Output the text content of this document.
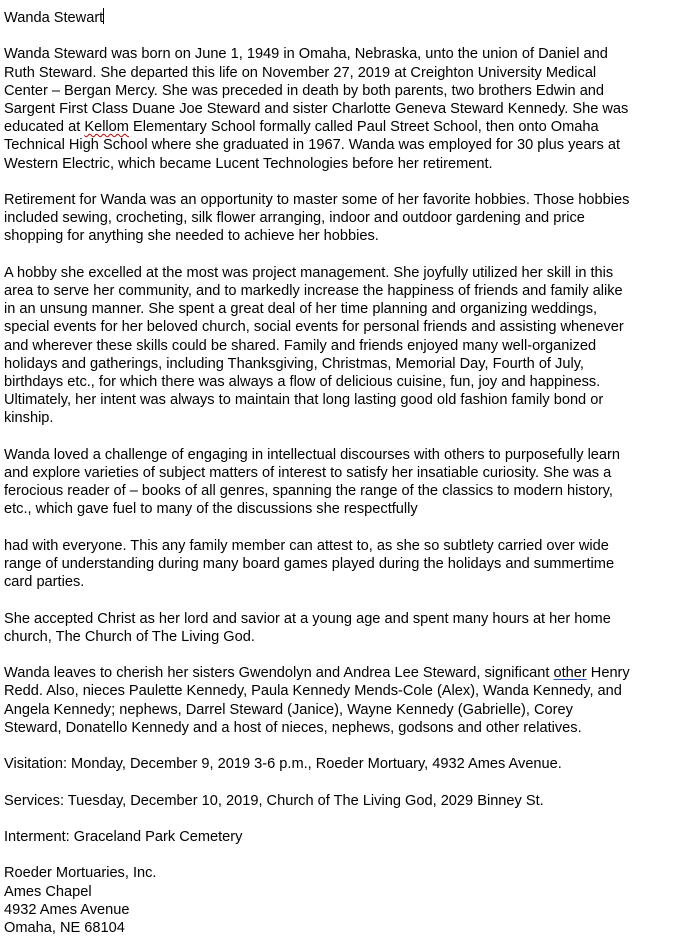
Wanda Stewart

Wanda Steward was born on June 1, 1949 in Omaha, Nebraska, unto the union of Daniel and
Ruth Steward. She departed this life on November 27, 2019 at Creighton University Medical
Center – Bergan Mercy. She was preceded in death by both parents, two brothers Edwin and
Sargent First Class Duane Joe Steward and sister Charlotte Geneva Steward Kennedy. She was
educated at Kellom Elementary School formally called Paul Street School, then onto Omaha
Technical High School where she graduated in 1967. Wanda was employed for 30 plus years at
Western Electric, which became Lucent Technologies before her retirement.

Retirement for Wanda was an opportunity to master some of her favorite hobbies. Those hobbies
included sewing, crocheting, silk flower arranging, indoor and outdoor gardening and price
shopping for anything she needed to achieve her hobbies.

A hobby she excelled at the most was project management. She joyfully utilized her skill in this
area to serve her community, and to markedly increase the happiness of friends and family alike
in an unsung manner. She spent a great deal of her time planning and organizing weddings,
special events for her beloved church, social events for personal friends and assisting whenever
and wherever these skills could be shared. Family and friends enjoyed many well-organized
holidays and gatherings, including Thanksgiving, Christmas, Memorial Day, Fourth of July,
birthdays etc., for which there was always a flow of delicious cuisine, fun, joy and happiness.
Ultimately, her intent was always to maintain that long lasting good old fashion family bond or
kinship.

Wanda loved a challenge of engaging in intellectual discourses with others to purposefully learn
and explore varieties of subject matters of interest to satisfy her insatiable curiosity. She was a
ferocious reader of – books of all genres, spanning the range of the classics to modern history,
etc., which gave fuel to many of the discussions she respectfully

had with everyone. This any family member can attest to, as she so subtlety carried over wide
range of understanding during many board games played during the holidays and summertime
card parties.

She accepted Christ as her lord and savior at a young age and spent many hours at her home
church, The Church of The Living God.

Wanda leaves to cherish her sisters Gwendolyn and Andrea Lee Steward, significant other Henry
Redd. Also, nieces Paulette Kennedy, Paula Kennedy Mends-Cole (Alex), Wanda Kennedy, and
Angela Kennedy; nephews, Darrel Steward (Janice), Wayne Kennedy (Gabrielle), Corey
Steward, Donatello Kennedy and a host of nieces, nephews, godsons and other relatives.

Visitation: Monday, December 9, 2019 3-6 p.m., Roeder Mortuary, 4932 Ames Avenue.

Services: Tuesday, December 10, 2019, Church of The Living God, 2029 Binney St.

Interment: Graceland Park Cemetery

Roeder Mortuaries, Inc.

Ames Chapel

4932 Ames Avenue

Omaha, NE 68104
